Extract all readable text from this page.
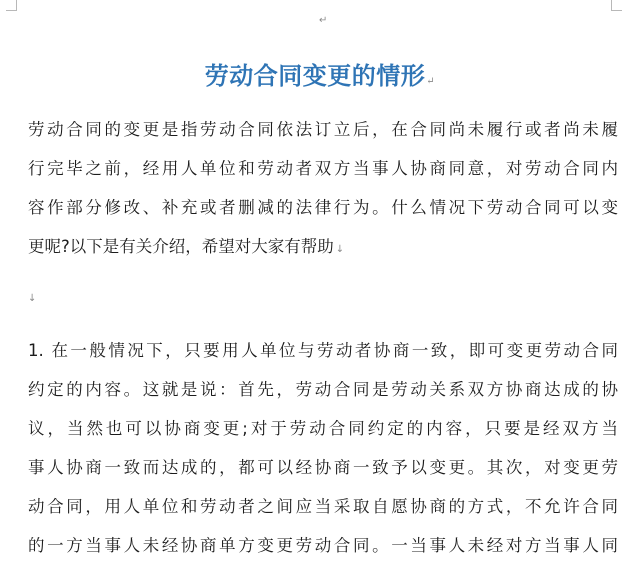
↵
劳动合同变更的情形↵
劳动合同的变更是指劳动合同依法订立后，在合同尚未履行或者尚未履
行完毕之前，经用人单位和劳动者双方当事人协商同意，对劳动合同内
容作部分修改、补充或者删减的法律行为。什么情况下劳动合同可以变
更呢?以下是有关介绍，希望对大家有帮助 ↓
↓
1. 在一般情况下，只要用人单位与劳动者协商一致，即可变更劳动合同
约定的内容。这就是说：首先，劳动合同是劳动关系双方协商达成的协
议，当然也可以协商变更;对于劳动合同约定的内容，只要是经双方当
事人协商一致而达成的，都可以经协商一致予以变更。其次，对变更劳
动合同，用人单位和劳动者之间应当采取自愿协商的方式，不允许合同
的一方当事人未经协商单方变更劳动合同。一当事人未经对方当事人同
